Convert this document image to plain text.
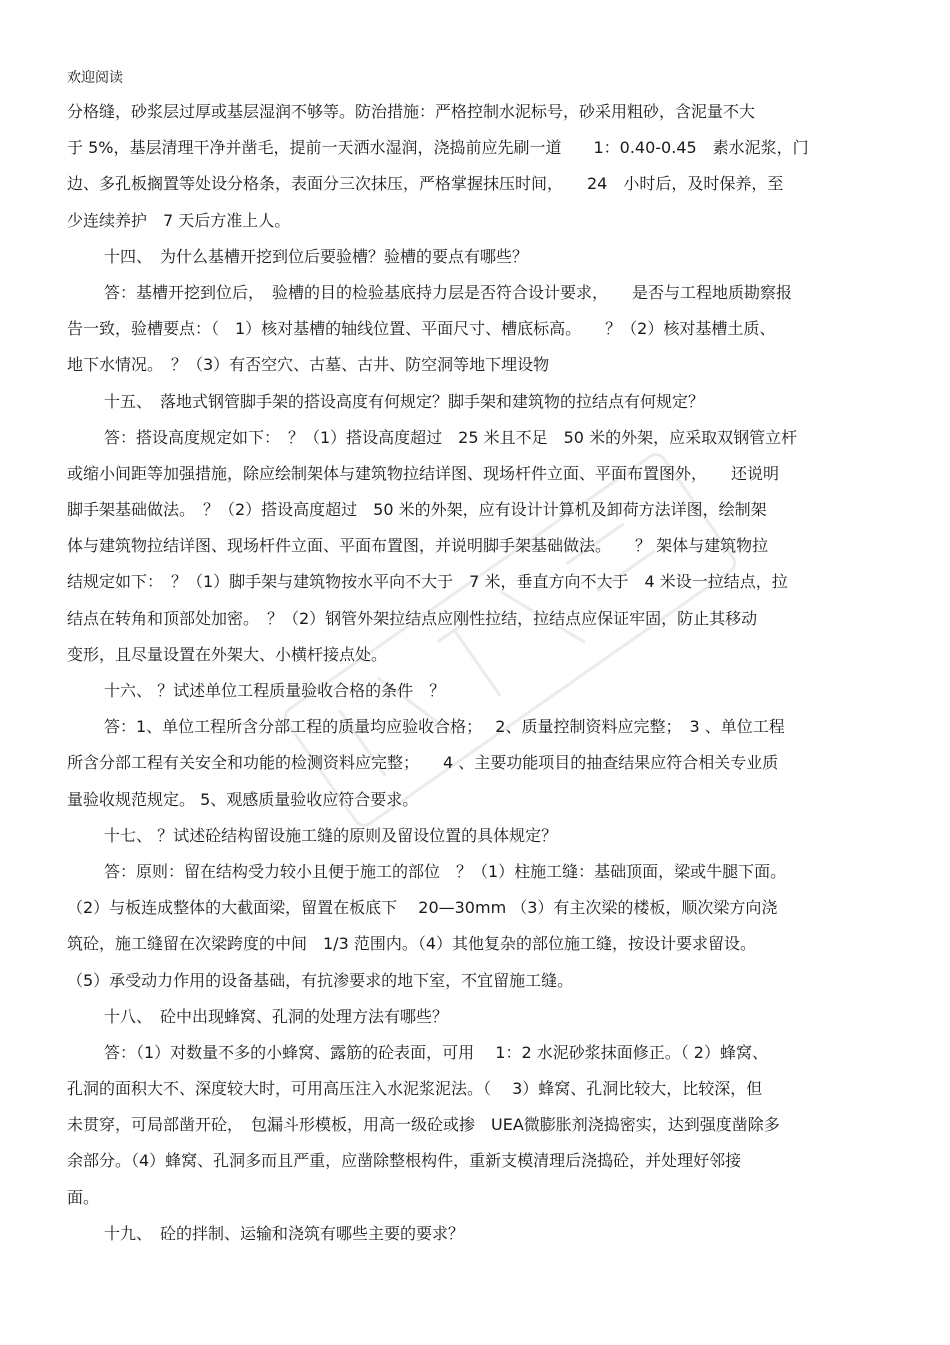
欢迎阅读
分格缝，砂浆层过厚或基层湿润不够等。防治措施：严格控制水泥标号，砂采用粗砂，含泥量不大
于 5%，基层清理干净并凿毛，提前一天洒水湿润，浇捣前应先刷一道　　1：0.40-0.45　素水泥浆，门
边、多孔板搁置等处设分格条，表面分三次抹压，严格掌握抹压时间，　　24　小时后，及时保养，至
少连续养护　7 天后方准上人。
十四、　为什么基槽开挖到位后要验槽？验槽的要点有哪些？
答：基槽开挖到位后，　验槽的目的检验基底持力层是否符合设计要求，　　是否与工程地质勘察报
告一致，验槽要点：（　1）核对基槽的轴线位置、平面尺寸、槽底标高。　　？（2）核对基槽土质、
地下水情况。　？（3）有否空穴、古墓、古井、防空洞等地下埋设物
十五、　落地式钢管脚手架的搭设高度有何规定？脚手架和建筑物的拉结点有何规定？
答：搭设高度规定如下：　？（1）搭设高度超过　25 米且不足　50 米的外架，应采取双钢管立杆
或缩小间距等加强措施，除应绘制架体与建筑物拉结详图、现场杆件立面、平面布置图外，　　还说明
脚手架基础做法。　？（2）搭设高度超过　50 米的外架，应有设计计算机及卸荷方法详图，绘制架
体与建筑物拉结详图、现场杆件立面、平面布置图，并说明脚手架基础做法。　　？ 架体与建筑物拉
结规定如下：　？（1）脚手架与建筑物按水平向不大于　7 米，垂直方向不大于　4 米设一拉结点，拉
结点在转角和顶部处加密。　？（2）钢管外架拉结点应刚性拉结，拉结点应保证牢固，防止其移动
变形，且尽量设置在外架大、小横杆接点处。
十六、 ？试述单位工程质量验收合格的条件　？
答：1、单位工程所含分部工程的质量均应验收合格；　 2、质量控制资料应完整；　3 、单位工程
所含分部工程有关安全和功能的检测资料应完整；　　4 、主要功能项目的抽查结果应符合相关专业质
量验收规范规定。 5、观感质量验收应符合要求。
十七、 ？试述砼结构留设施工缝的原则及留设位置的具体规定？
答：原则：留在结构受力较小且便于施工的部位　？（1）柱施工缝：基础顶面，梁或牛腿下面。
（2）与板连成整体的大截面梁，留置在板底下　 20—30mm （3）有主次梁的楼板，顺次梁方向浇
筑砼，施工缝留在次梁跨度的中间　1/3 范围内。（4）其他复杂的部位施工缝，按设计要求留设。
（5）承受动力作用的设备基础，有抗渗要求的地下室，不宜留施工缝。
十八、　砼中出现蜂窝、孔洞的处理方法有哪些？
答：（1）对数量不多的小蜂窝、露筋的砼表面，可用　 1：2 水泥砂浆抹面修正。（ 2）蜂窝、
孔洞的面积大不、深度较大时，可用高压注入水泥浆泥法。（　 3）蜂窝、孔洞比较大，比较深，但
未贯穿，可局部凿开砼，　包漏斗形模板，用高一级砼或掺　UEA微膨胀剂浇捣密实，达到强度凿除多
余部分。（4）蜂窝、孔洞多而且严重，应凿除整根构件，重新支模清理后浇捣砼，并处理好邻接
面。
十九、　砼的拌制、运输和浇筑有哪些主要的要求？
